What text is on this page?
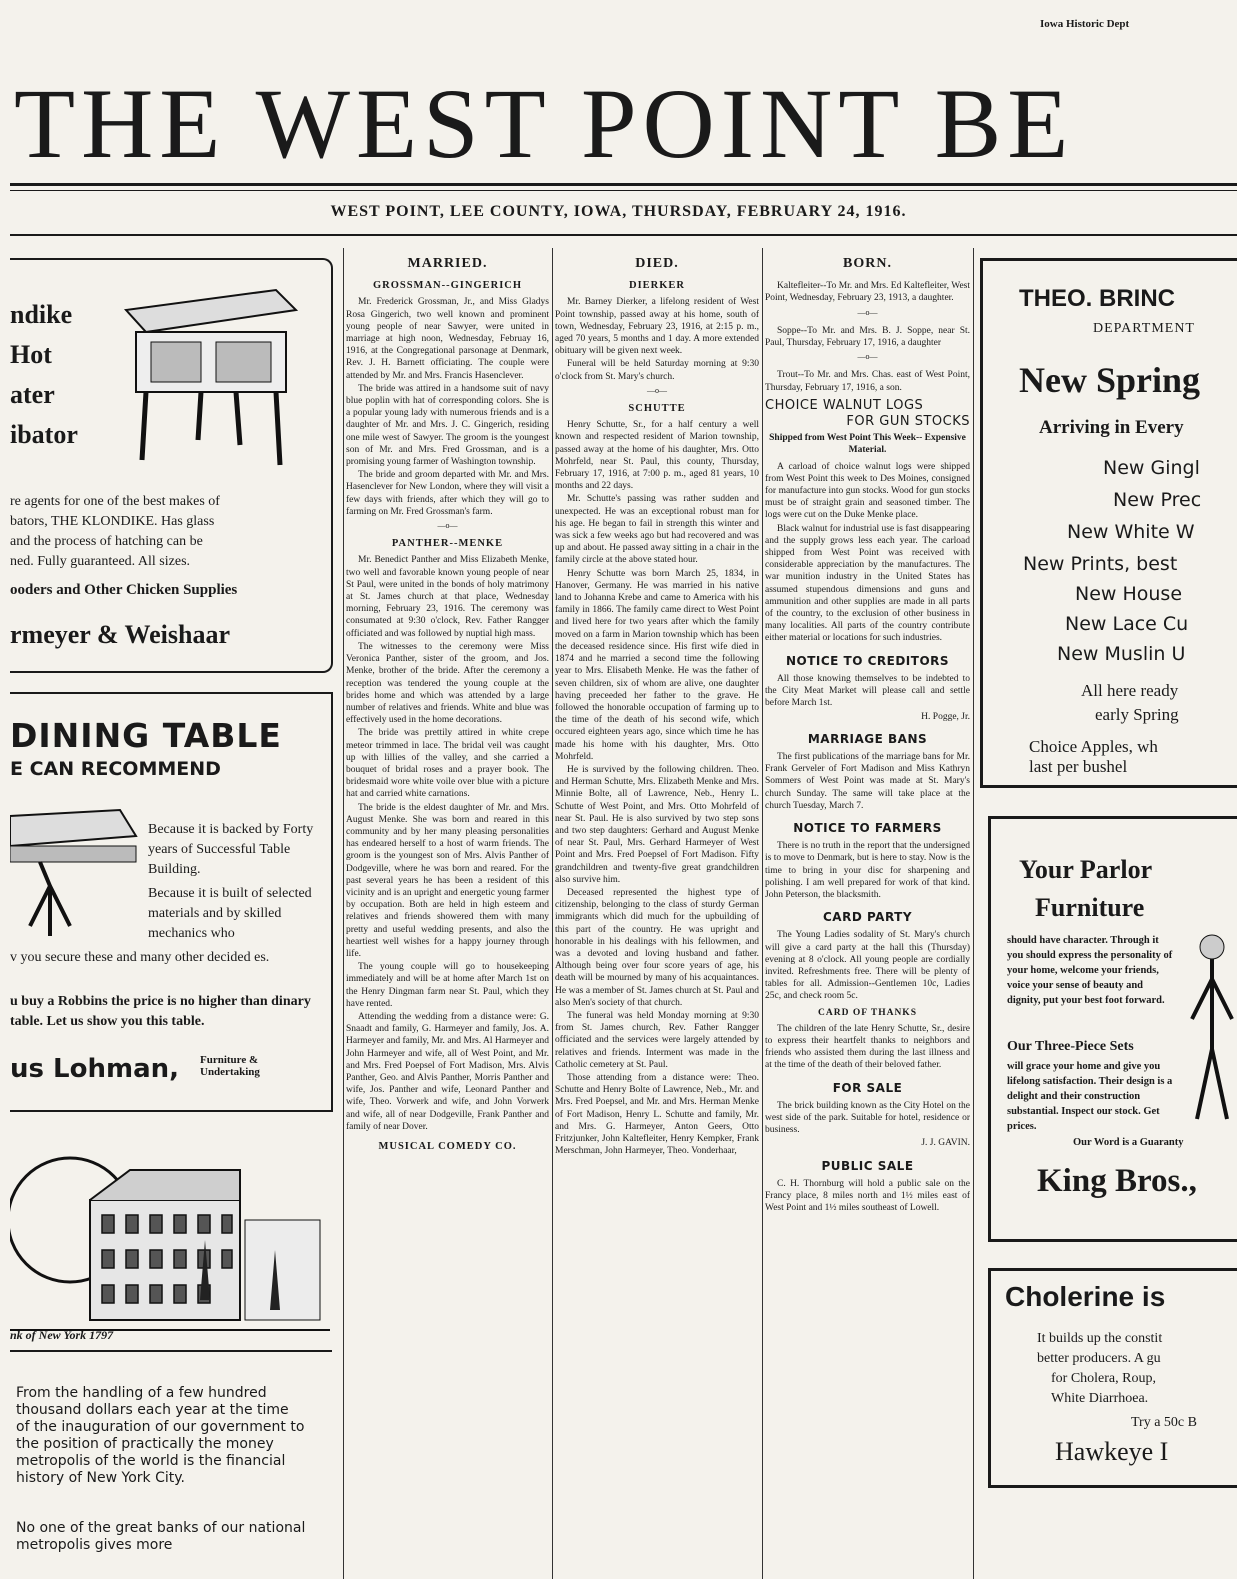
Iowa Historic Dept
THE WEST POINT BE
WEST POINT, LEE COUNTY, IOWA, THURSDAY, FEBRUARY 24, 1916.
ndike
Hot
ater
ibator
re agents for one of the best makes of
bators, THE KLONDIKE. Has glass
and the process of hatching can be
ned. Fully guaranteed. All sizes.
ooders and Other Chicken Supplies
rmeyer & Weishaar
DINING TABLE
E CAN RECOMMEND
Because it is backed by Forty years of Successful Table Building.
Because it is built of selected materials and by skilled mechanics who
v you secure these and many other decided es.
u buy a Robbins the price is no higher than dinary table. Let us show you this table.
us Lohman, Furniture & Undertaking
nk of New York 1797
From the handling of a few hundred thousand dollars each year at the time of the inauguration of our government to the position of practically the money metropolis of the world is the financial history of New York City.
No one of the great banks of our national metropolis gives more
MARRIED.
GROSSMAN--GINGERICH

Mr. Frederick Grossman, Jr., and Miss Gladys Rosa Gingerich, two well known and prominent young people of near Sawyer, were united in marriage at high noon, Wednesday, Februay 16, 1916, at the Congregational parsonage at Denmark, Rev. J. H. Barnett officiating. The couple were attended by Mr. and Mrs. Francis Hasenclever.

The bride was attired in a handsome suit of navy blue poplin with hat of corresponding colors. She is a popular young lady with numerous friends and is a daughter of Mr. and Mrs. J. C. Gingerich, residing one mile west of Sawyer. The groom is the youngest son of Mr. and Mrs. Fred Grossman, and is a promising young farmer of Washington township.

The bride and groom departed with Mr. and Mrs. Hasenclever for New London, where they will visit a few days with friends, after which they will go to farming on Mr. Fred Grossman's farm.

—o—
PANTHER--MENKE

Mr. Benedict Panther and Miss Elizabeth Menke, two well and favorable known young people of near St Paul, were united in the bonds of holy matrimony at St. James church at that place, Wednesday morning, February 23, 1916. The ceremony was consumated at 9:30 o'clock, Rev. Father Rangger officiated and was followed by nuptial high mass.

The witnesses to the ceremony were Miss Veronica Panther, sister of the groom, and Jos. Menke, brother of the bride. After the ceremony a reception was tendered the young couple at the brides home and which was attended by a large number of relatives and friends. White and blue was effectively used in the home decorations.

The bride was prettily attired in white crepe meteor trimmed in lace. The bridal veil was caught up with lillies of the valley, and she carried a bouquet of bridal roses and a prayer book. The bridesmaid wore white voile over blue with a picture hat and carried white carnations.

The bride is the eldest daughter of Mr. and Mrs. August Menke. She was born and reared in this community and by her many pleasing personalities has endeared herself to a host of warm friends. The groom is the youngest son of Mrs. Alvis Panther of Dodgeville, where he was born and reared. For the past several years he has been a resident of this vicinity and is an upright and energetic young farmer by occupation. Both are held in high esteem and relatives and friends showered them with many pretty and useful wedding presents, and also the heartiest well wishes for a happy journey through life.

The young couple will go to housekeeping immediately and will be at home after March 1st on the Henry Dingman farm near St. Paul, which they have rented.

Attending the wedding from a distance were: G. Snaadt and family, G. Harmeyer and family, Jos. A. Harmeyer and family, Mr. and Mrs. Al Harmeyer and John Harmeyer and wife, all of West Point, and Mr. and Mrs. Fred Poepsel of Fort Madison, Mrs. Alvis Panther, Geo. and Alvis Panther, Morris Panther and wife, Jos. Panther and wife, Leonard Panther and wife, Theo. Vorwerk and wife, and John Vorwerk and wife, all of near Dodgeville, Frank Panther and family of near Dover.

MUSICAL COMEDY CO.
DIED.
DIERKER

Mr. Barney Dierker, a lifelong resident of West Point township, passed away at his home, south of town, Wednesday, February 23, 1916, at 2:15 p. m., aged 70 years, 5 months and 1 day. A more extended obituary will be given next week.

Funeral will be held Saturday morning at 9:30 o'clock from St. Mary's church.

—o—
SCHUTTE

Henry Schutte, Sr., for a half century a well known and respected resident of Marion township, passed away at the home of his daughter, Mrs. Otto Mohrfeld, near St. Paul, this county, Thursday, February 17, 1916, at 7:00 p. m., aged 81 years, 10 months and 22 days.

Mr. Schutte's passing was rather sudden and unexpected. He was an exceptional robust man for his age. He began to fail in strength this winter and was sick a few weeks ago but had recovered and was up and about. He passed away sitting in a chair in the family circle at the above stated hour.

Henry Schutte was born March 25, 1834, in Hanover, Germany. He was married in his native land to Johanna Krebe and came to America with his family in 1866. The family came direct to West Point and lived here for two years after which the family moved on a farm in Marion township which has been the deceased residence since. His first wife died in 1874 and he married a second time the following year to Mrs. Elisabeth Menke. He was the father of seven children, six of whom are alive, one daughter having preceeded her father to the grave. He followed the honorable occupation of farming up to the time of the death of his second wife, which occured eighteen years ago, since which time he has made his home with his daughter, Mrs. Otto Mohrfeld.

He is survived by the following children. Theo. and Herman Schutte, Mrs. Elizabeth Menke and Mrs. Minnie Bolte, all of Lawrence, Neb., Henry L. Schutte of West Point, and Mrs. Otto Mohrfeld of near St. Paul. He is also survived by two step sons and two step daughters: Gerhard and August Menke of near St. Paul, Mrs. Gerhard Harmeyer of West Point and Mrs. Fred Poepsel of Fort Madison. Fifty grandchildren and twenty-five great grandchildren also survive him.

Deceased represented the highest type of citizenship, belonging to the class of sturdy German immigrants which did much for the upbuilding of this part of the country. He was upright and honorable in his dealings with his fellowmen, and was a devoted and loving husband and father. Although being over four score years of age, his death will be mourned by many of his acquaintances. He was a member of St. James church at St. Paul and also Men's society of that church.

The funeral was held Monday morning at 9:30 from St. James church, Rev. Father Rangger officiated and the services were largely attended by relatives and friends. Interment was made in the Catholic cemetery at St. Paul.

Those attending from a distance were: Theo. Schutte and Henry Bolte of Lawrence, Neb., Mr. and Mrs. Fred Poepsel, and Mr. and Mrs. Herman Menke of Fort Madison, Henry L. Schutte and family, Mr. and Mrs. G. Harmeyer, Anton Geers, Otto Fritzjunker, John Kaltefleiter, Henry Kempker, Frank Merschman, John Harmeyer, Theo. Vonderhaar,

BORN.

Kaltefleiter--To Mr. and Mrs. Ed Kaltefleiter, West Point, Wednesday, February 23, 1913, a daughter.

—o—

Soppe--To Mr. and Mrs. B. J. Soppe, near St. Paul, Thursday, February 17, 1916, a daughter

—o—

Trout--To Mr. and Mrs. Chas. east of West Point, Thursday, February 17, 1916, a son.

CHOICE WALNUT LOGS
FOR GUN STOCKS
Shipped from West Point This Week-- Expensive Material.

A carload of choice walnut logs were shipped from West Point this week to Des Moines, consigned for manufacture into gun stocks. Wood for gun stocks must be of straight grain and seasoned timber. The logs were cut on the Duke Menke place.

Black walnut for industrial use is fast disappearing and the supply grows less each year. The carload shipped from West Point was received with considerable appreciation by the manufactures. The war munition industry in the United States has assumed stupendous dimensions and guns and ammunition and other supplies are made in all parts of the country, to the exclusion of other business in many localities. All parts of the country contribute either material or locations for such industries.

NOTICE TO CREDITORS

All those knowing themselves to be indebted to the City Meat Market will please call and settle before March 1st.

H. Pogge, Jr.
MARRIAGE BANS

The first publications of the marriage bans for Mr. Frank Gerveler of Fort Madison and Miss Kathryn Sommers of West Point was made at St. Mary's church Sunday. The same will take place at the church Tuesday, March 7.

NOTICE TO FARMERS

There is no truth in the report that the undersigned is to move to Denmark, but is here to stay. Now is the time to bring in your disc for sharpening and polishing. I am well prepared for work of that kind. John Peterson, the blacksmith.

CARD PARTY

The Young Ladies sodality of St. Mary's church will give a card party at the hall this (Thursday) evening at 8 o'clock. All young people are cordially invited. Refreshments free. There will be plenty of tables for all. Admission--Gentlemen 10c, Ladies 25c, and check room 5c.

CARD OF THANKS

The children of the late Henry Schutte, Sr., desire to express their heartfelt thanks to neighbors and friends who assisted them during the last illness and at the time of the death of their beloved father.

FOR SALE

The brick building known as the City Hotel on the west side of the park. Suitable for hotel, residence or business.

J. J. GAVIN.
PUBLIC SALE

C. H. Thornburg will hold a public sale on the Francy place, 8 miles north and 1½ miles east of West Point and 1½ miles southeast of Lowell.

THEO. BRINC
DEPARTMENT
New Spring
Arriving in Every
New Gingl
New Prec
New White W
New Prints, best
New House
New Lace Cu
New Muslin U
All here ready
early Spring
Choice Apples, wh
last per bushel
Your Parlor
Furniture
should have character. Through it you should express the personality of your home, welcome your friends, voice your sense of beauty and dignity, put your best foot forward.
Our Three-Piece Sets
will grace your home and give you lifelong satisfaction. Their design is a delight and their construction substantial. Inspect our stock. Get prices.
Our Word is a Guaranty
King Bros.,
Cholerine is
It builds up the constit
better producers. A gu
for Cholera, Roup,
White Diarrhoea.
Try a 50c B
Hawkeye I
